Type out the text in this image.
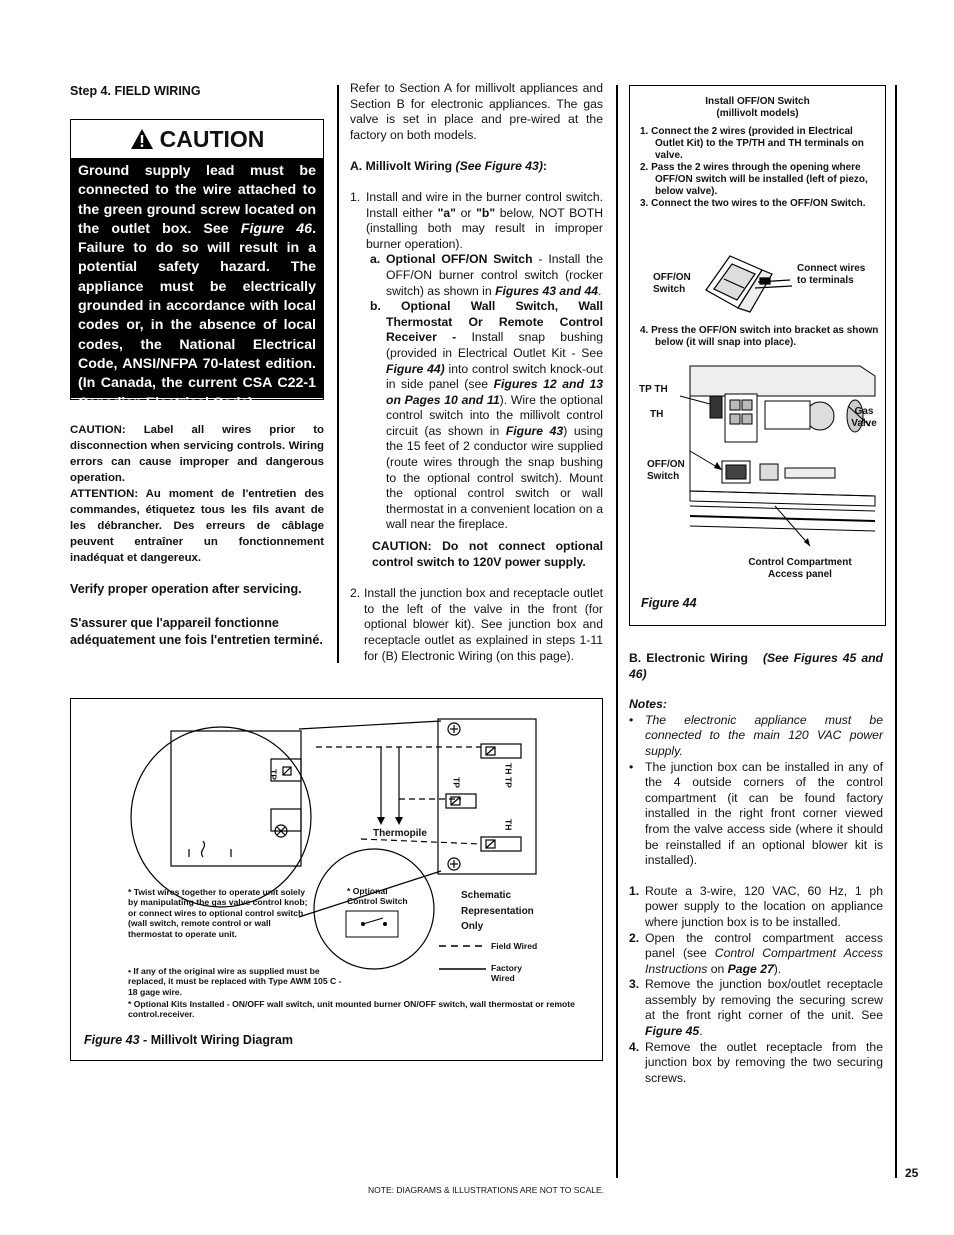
Step 4. FIELD WIRING
CAUTION
Ground supply lead must be connected to the wire attached to the green ground screw located on the outlet box. See Figure 46. Failure to do so will result in a potential safety hazard. The appliance must be electrically grounded in accordance with local codes or, in the absence of local codes, the National Electrical Code, ANSI/NFPA 70-latest edition. (In Canada, the current CSA C22-1 Canadian Electrical Code).
CAUTION: Label all wires prior to disconnection when servicing controls. Wiring errors can cause improper and dangerous operation.
ATTENTION: Au moment de l'entretien des commandes, étiquetez tous les fils avant de les débrancher. Des erreurs de câblage peuvent entraîner un fonctionnement inadéquat et dangereux.
Verify proper operation after servicing.
S'assurer que l'appareil fonctionne adéquatement une fois l'entretien terminé.
Refer to Section A for millivolt appliances and Section B for electronic appliances. The gas valve is set in place and pre-wired at the factory on both models.
A. Millivolt Wiring (See Figure 43):
1. Install and wire in the burner control switch. Install either "a" or "b" below, NOT BOTH (installing both may result in improper burner operation).
a. Optional OFF/ON Switch - Install the OFF/ON burner control switch (rocker switch) as shown in Figures 43 and 44.
b. Optional Wall Switch, Wall Thermostat Or Remote Control Receiver - Install snap bushing (provided in Electrical Outlet Kit - See Figure 44) into control switch knock-out in side panel (see Figures 12 and 13 on Pages 10 and 11). Wire the optional control switch into the millivolt control circuit (as shown in Figure 43) using the 15 feet of 2 conductor wire supplied (route wires through the snap bushing to the optional control switch). Mount the optional control switch or wall thermostat in a convenient location on a wall near the fireplace.
CAUTION: Do not connect optional control switch to 120V power supply.
2. Install the junction box and receptacle outlet to the left of the valve in the front (for optional blower kit). See junction box and receptacle outlet as explained in steps 1-11 for (B) Electronic Wiring (on this page).
Install OFF/ON Switch
(millivolt models)
1. Connect the 2 wires (provided in Electrical Outlet Kit) to the TP/TH and TH terminals on valve.
2. Pass the 2 wires through the opening where OFF/ON switch will be installed (left of piezo, below valve).
3. Connect the two wires to the OFF/ON Switch.
OFF/ON Switch
Connect wires to terminals
4. Press the OFF/ON switch into bracket as shown below (it will snap into place).
TP TH
TH	Gas Valve
OFF/ON Switch
Control Compartment Access panel
Figure 44
B. Electronic Wiring (See Figures 45 and 46)
Notes:
• The electronic appliance must be connected to the main 120 VAC power supply.
• The junction box can be installed in any of the 4 outside corners of the control compartment (it can be found factory installed in the right front corner viewed from the valve access side (where it should be reinstalled if an optional blower kit is installed).
1. Route a 3-wire, 120 VAC, 60 Hz, 1 ph power supply to the location on appliance where junction box is to be installed.
2. Open the control compartment access panel (see Control Compartment Access Instructions on Page 27).
3. Remove the junction box/outlet receptacle assembly by removing the securing screw at the front right corner of the unit. See Figure 45.
4. Remove the outlet receptacle from the junction box by removing the two securing screws.
TP
TP	TH TP
TH
Thermopile
* Optional
Control Switch
Schematic
Representation
Only
Field Wired
Factory
Wired
* Twist wires together to operate unit solely by manipulating the gas valve control knob; or connect wires to optional control switch (wall switch, remote control or wall thermostat to operate unit.
• If any of the original wire as supplied must be replaced, it must be replaced with Type AWM 105 C - 18 gage wire.
* Optional Kits Installed - ON/OFF wall switch, unit mounted burner ON/OFF switch, wall thermostat or remote control.receiver.
Figure 43 - Millivolt Wiring Diagram
25
NOTE: DIAGRAMS & ILLUSTRATIONS ARE NOT TO SCALE.
